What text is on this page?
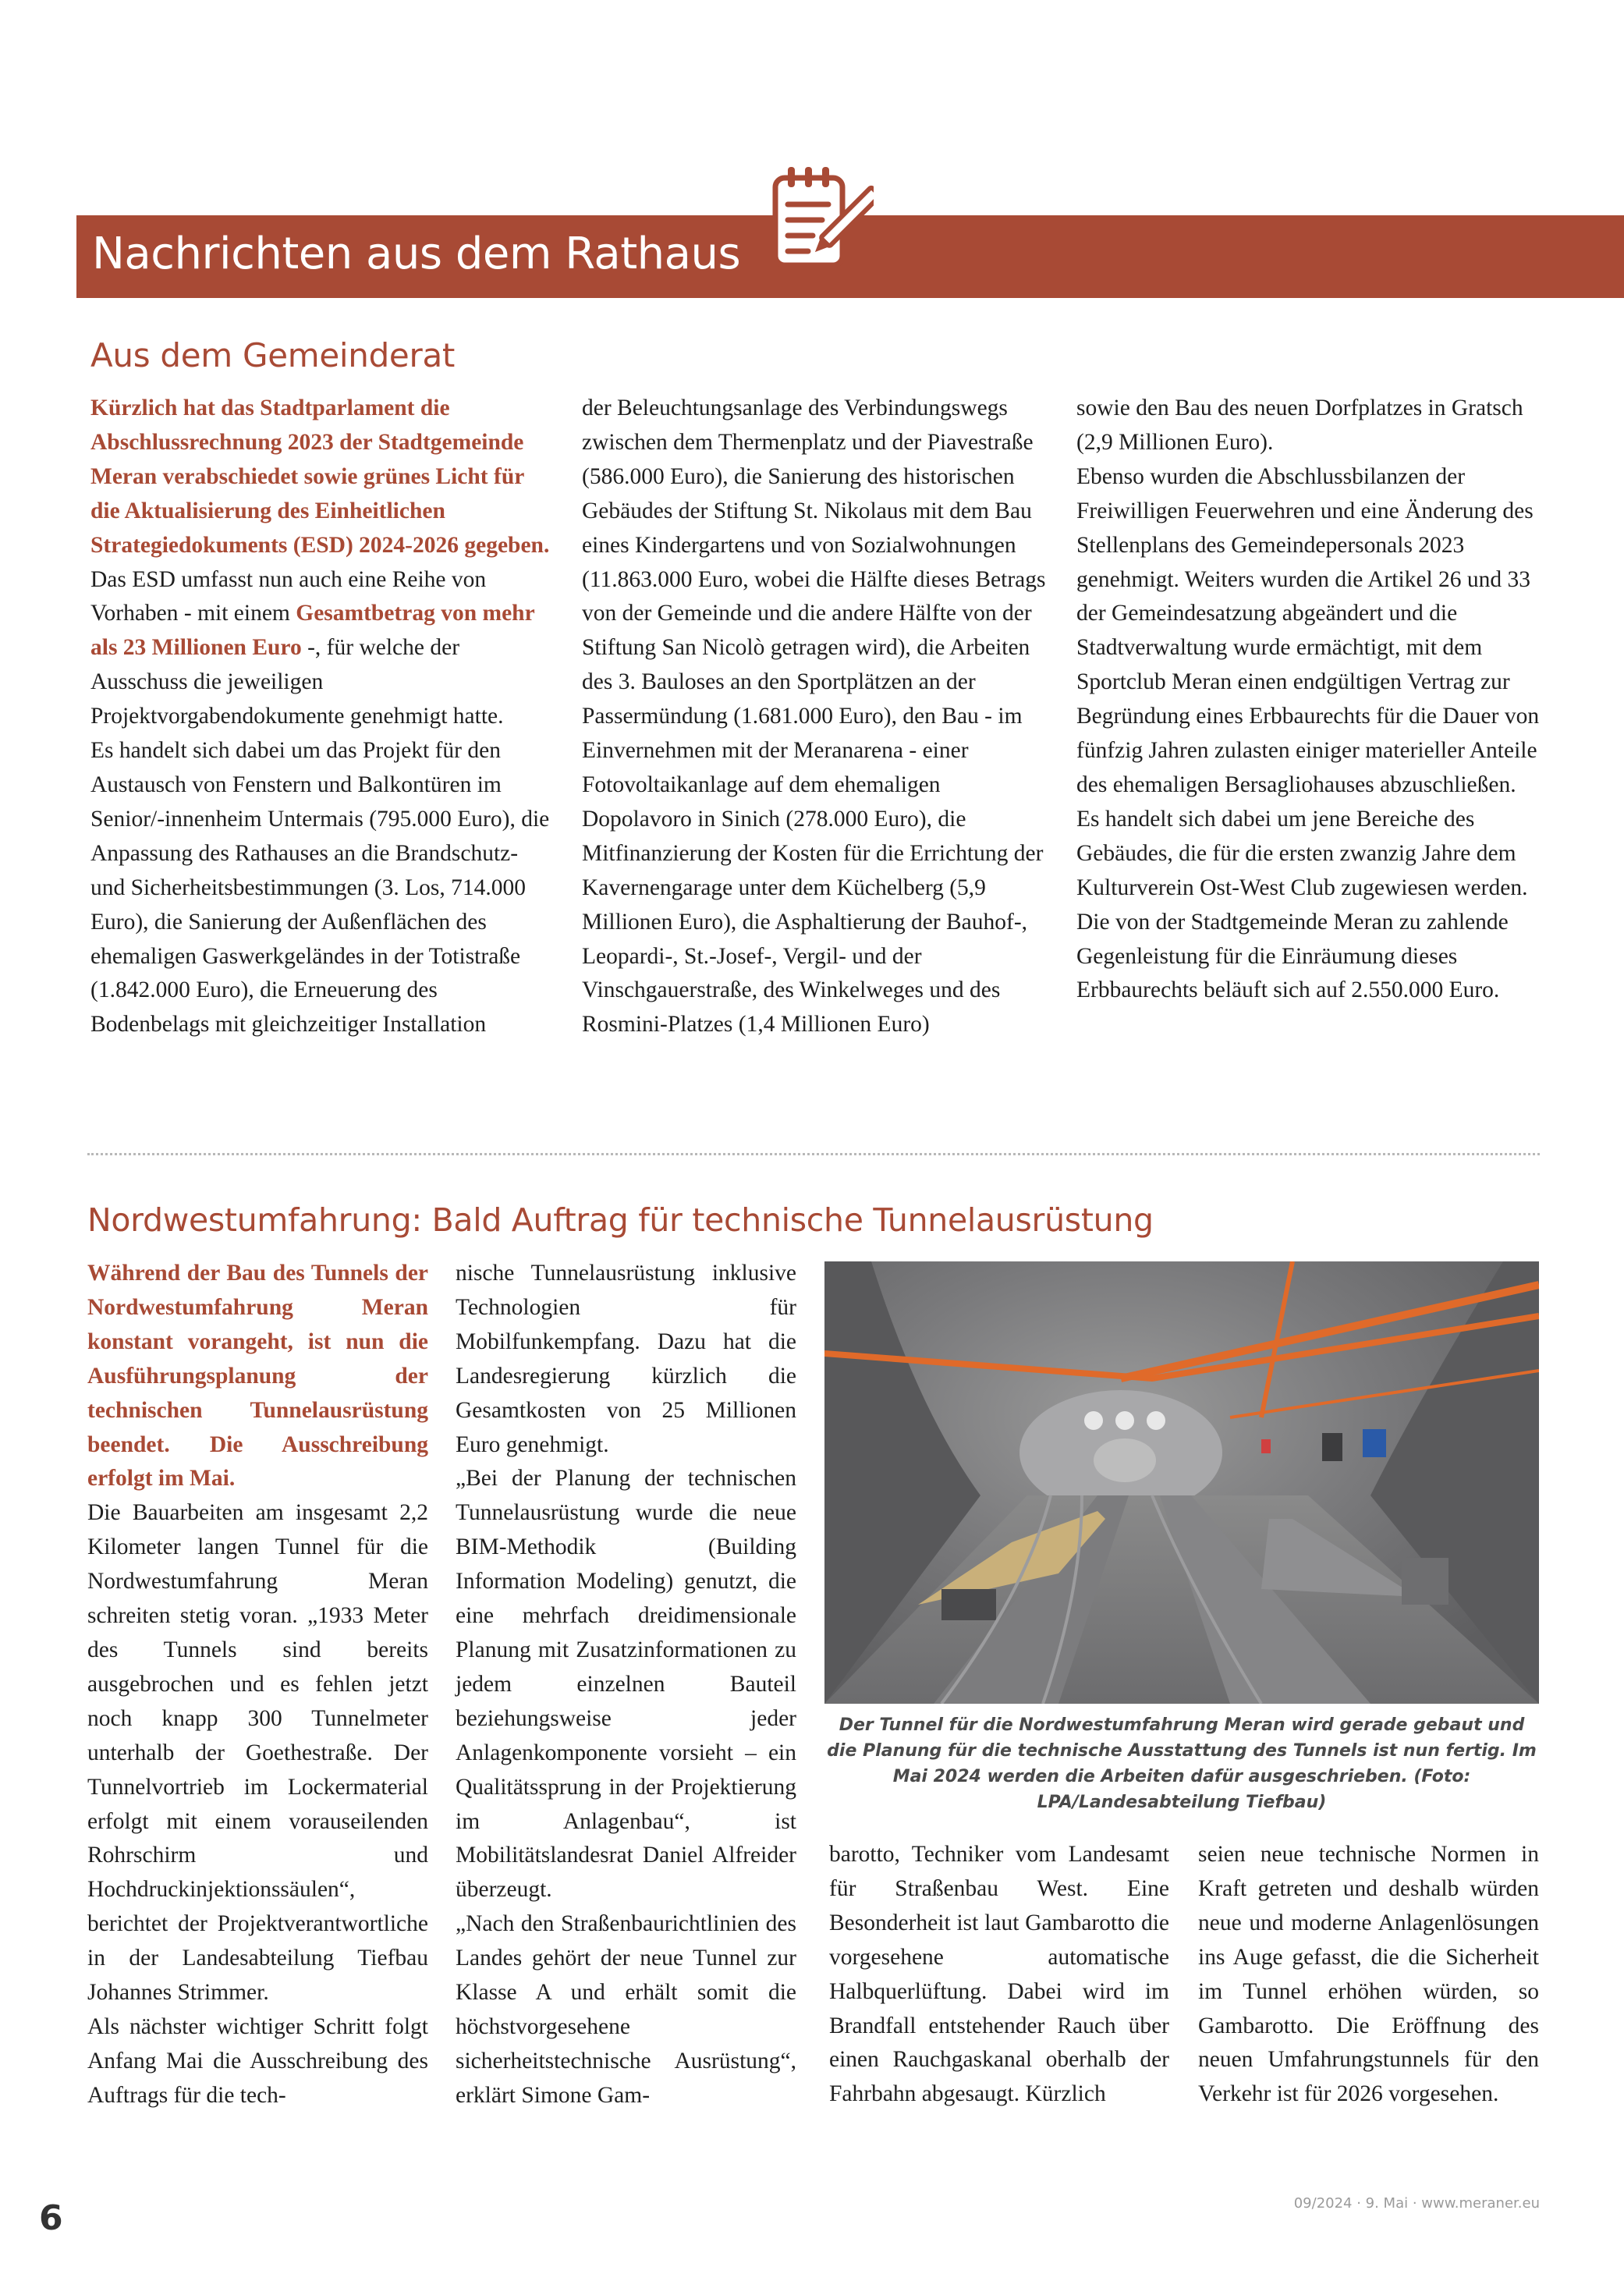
Nachrichten aus dem Rathaus
Aus dem Gemeinderat

Kürzlich hat das Stadtparlament die Abschlussrechnung 2023 der Stadtgemeinde Meran verabschiedet sowie grünes Licht für die Aktualisierung des Einheitlichen Strategiedokuments (ESD) 2024-2026 gegeben.

Das ESD umfasst nun auch eine Reihe von Vorhaben - mit einem Gesamtbetrag von mehr als 23 Millionen Euro -, für welche der Ausschuss die jeweiligen Projektvorgabendokumente genehmigt hatte.

Es handelt sich dabei um das Projekt für den Austausch von Fenstern und Balkontüren im Senior/-innenheim Untermais (795.000 Euro), die Anpassung des Rathauses an die Brandschutz- und Sicherheitsbestimmungen (3. Los, 714.000 Euro), die Sanierung der Außenflächen des ehemaligen Gaswerkgeländes in der Totistraße (1.842.000 Euro), die Erneuerung des Bodenbelags mit gleichzeitiger Installation

der Beleuchtungsanlage des Verbindungswegs zwischen dem Thermenplatz und der Piavestraße (586.000 Euro), die Sanierung des historischen Gebäudes der Stiftung St. Nikolaus mit dem Bau eines Kindergartens und von Sozialwohnungen (11.863.000 Euro, wobei die Hälfte dieses Betrags von der Gemeinde und die andere Hälfte von der Stiftung San Nicolò getragen wird), die Arbeiten des 3. Bauloses an den Sportplätzen an der Passermündung (1.681.000 Euro), den Bau - im Einvernehmen mit der Meranarena - einer Fotovoltaikanlage auf dem ehemaligen Dopolavoro in Sinich (278.000 Euro), die Mitfinanzierung der Kosten für die Errichtung der Kavernengarage unter dem Küchelberg (5,9 Millionen Euro), die Asphaltierung der Bauhof-, Leopardi-, St.-Josef-, Vergil- und der Vinschgauerstraße, des Winkelweges und des Rosmini-Platzes (1,4 Millionen Euro)

sowie den Bau des neuen Dorfplatzes in Gratsch (2,9 Millionen Euro).

Ebenso wurden die Abschlussbilanzen der Freiwilligen Feuerwehren und eine Änderung des Stellenplans des Gemeindepersonals 2023 genehmigt. Weiters wurden die Artikel 26 und 33 der Gemeindesatzung abgeändert und die Stadtverwaltung wurde ermächtigt, mit dem Sportclub Meran einen endgültigen Vertrag zur Begründung eines Erbbaurechts für die Dauer von fünfzig Jahren zulasten einiger materieller Anteile des ehemaligen Bersagliohauses abzuschließen. Es handelt sich dabei um jene Bereiche des Gebäudes, die für die ersten zwanzig Jahre dem Kulturverein Ost-West Club zugewiesen werden. Die von der Stadtgemeinde Meran zu zahlende Gegenleistung für die Einräumung dieses Erbbaurechts beläuft sich auf 2.550.000 Euro.

Nordwestumfahrung: Bald Auftrag für technische Tunnelausrüstung

Während der Bau des Tunnels der Nordwestumfahrung Meran konstant vorangeht, ist nun die Ausführungsplanung der technischen Tunnelausrüstung beendet. Die Ausschreibung erfolgt im Mai.

Die Bauarbeiten am insgesamt 2,2 Kilometer langen Tunnel für die Nordwestumfahrung Meran schreiten stetig voran. „1933 Meter des Tunnels sind bereits ausgebrochen und es fehlen jetzt noch knapp 300 Tunnelmeter unterhalb der Goethestraße. Der Tunnelvortrieb im Lockermaterial erfolgt mit einem vorauseilenden Rohrschirm und Hochdruckinjektionssäulen“, berichtet der Projektverantwortliche in der Landesabteilung Tiefbau Johannes Strimmer.

Als nächster wichtiger Schritt folgt Anfang Mai die Ausschreibung des Auftrags für die tech-

nische Tunnelausrüstung inklusive Technologien für Mobilfunkempfang. Dazu hat die Landesregierung kürzlich die Gesamtkosten von 25 Millionen Euro genehmigt.

„Bei der Planung der technischen Tunnelausrüstung wurde die neue BIM-Methodik (Building Information Modeling) genutzt, die eine mehrfach dreidimensionale Planung mit Zusatzinformationen zu jedem einzelnen Bauteil beziehungsweise jeder Anlagenkomponente vorsieht – ein Qualitätssprung in der Projektierung im Anlagenbau“, ist Mobilitätslandesrat Daniel Alfreider überzeugt.

„Nach den Straßenbaurichtlinien des Landes gehört der neue Tunnel zur Klasse A und erhält somit die höchstvorgesehene sicherheitstechnische Ausrüstung“, erklärt Simone Gam-

Der Tunnel für die Nordwestumfahrung Meran wird gerade gebaut und die Planung für die technische Ausstattung des Tunnels ist nun fertig. Im Mai 2024 werden die Arbeiten dafür ausgeschrieben. (Foto: LPA/Landesabteilung Tiefbau)

barotto, Techniker vom Landesamt für Straßenbau West. Eine Besonderheit ist laut Gambarotto die vorgesehene automatische Halbquerlüftung. Dabei wird im Brandfall entstehender Rauch über einen Rauchgaskanal oberhalb der Fahrbahn abgesaugt. Kürzlich

seien neue technische Normen in Kraft getreten und deshalb würden neue und moderne Anlagenlösungen ins Auge gefasst, die die Sicherheit im Tunnel erhöhen würden, so Gambarotto. Die Eröffnung des neuen Umfahrungstunnels für den Verkehr ist für 2026 vorgesehen.

09/2024 · 9. Mai · www.meraner.eu
6
